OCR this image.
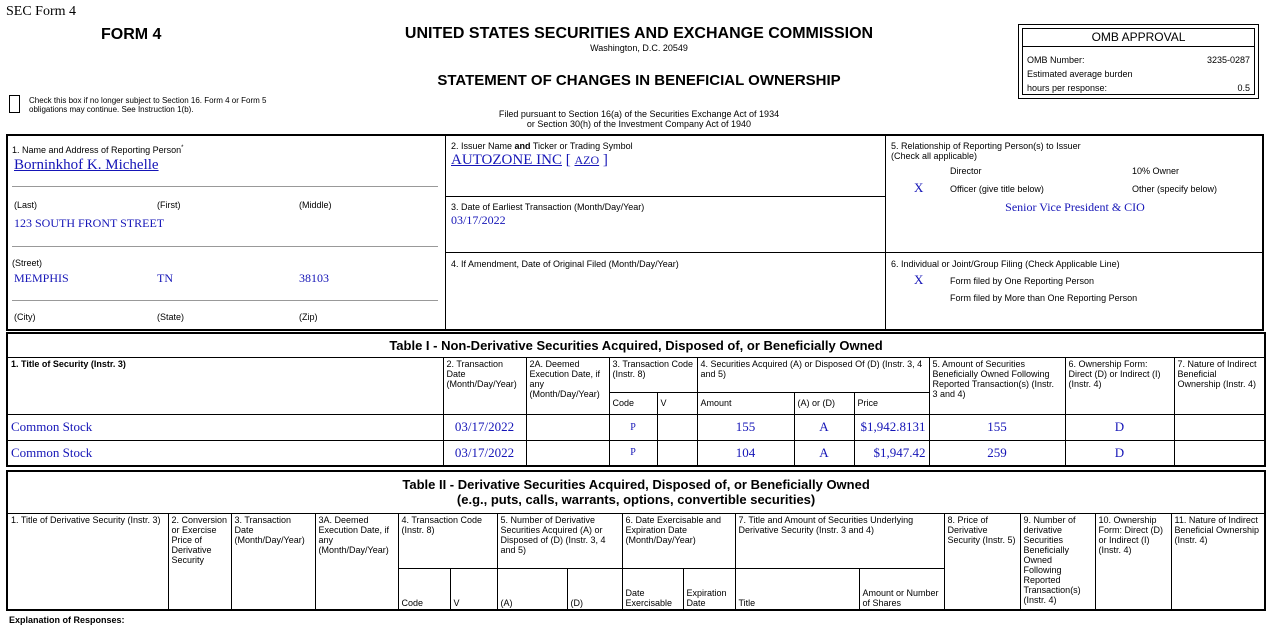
SEC Form 4
FORM 4	UNITED STATES SECURITIES AND EXCHANGE COMMISSION
Washington, D.C. 20549
STATEMENT OF CHANGES IN BENEFICIAL OWNERSHIP
Check this box if no longer subject to Section 16. Form 4 or Form 5 obligations may continue. See Instruction 1(b).	Filed pursuant to Section 16(a) of the Securities Exchange Act of 1934
or Section 30(h) of the Investment Company Act of 1940
OMB APPROVAL
OMB Number:	3235-0287
Estimated average burden
hours per response:	0.5
1. Name and Address of Reporting Person*
Borninkhof K. Michelle
(Last)	(First)	(Middle)
123 SOUTH FRONT STREET
(Street)
MEMPHIS	TN	38103
(City)	(State)	(Zip)
2. Issuer Name and Ticker or Trading Symbol
AUTOZONE INC [ AZO ]
3. Date of Earliest Transaction (Month/Day/Year)
03/17/2022
4. If Amendment, Date of Original Filed (Month/Day/Year)
5. Relationship of Reporting Person(s) to Issuer
(Check all applicable)
Director	10% Owner
X	Officer (give title below)	Other (specify below)
Senior Vice President & CIO
6. Individual or Joint/Group Filing (Check Applicable Line)
X	Form filed by One Reporting Person
Form filed by More than One Reporting Person
Table I - Non-Derivative Securities Acquired, Disposed of, or Beneficially Owned										
1. Title of Security (Instr. 3)	2. Transaction Date (Month/Day/Year)	2A. Deemed Execution Date, if any (Month/Day/Year)	3. Transaction Code (Instr. 8)		4. Securities Acquired (A) or Disposed Of (D) (Instr. 3, 4 and 5)			5. Amount of Securities Beneficially Owned Following Reported Transaction(s) (Instr. 3 and 4)	6. Ownership Form: Direct (D) or Indirect (I) (Instr. 4)	7. Nature of Indirect Beneficial Ownership (Instr. 4)
			Code	V	Amount	(A) or (D)	Price			
Common Stock	03/17/2022		P		155	A	$1,942.8131	155	D	
Common Stock	03/17/2022		P		104	A	$1,947.42	259	D	
Table II - Derivative Securities Acquired, Disposed of, or Beneficially Owned
(e.g., puts, calls, warrants, options, convertible securities)															

1. Title of Derivative Security (Instr. 3)	2. Conversion or Exercise Price of Derivative Security	3. Transaction Date (Month/Day/Year)	3A. Deemed Execution Date, if any (Month/Day/Year)	4. Transaction Code (Instr. 8)		5. Number of Derivative Securities Acquired (A) or Disposed of (D) (Instr. 3, 4 and 5)		6. Date Exercisable and Expiration Date (Month/Day/Year)		7. Title and Amount of Securities Underlying Derivative Security (Instr. 3 and 4)		8. Price of Derivative Security (Instr. 5)	9. Number of derivative Securities Beneficially Owned Following Reported Transaction(s) (Instr. 4)	10. Ownership Form: Direct (D) or Indirect (I) (Instr. 4)	11. Nature of Indirect Beneficial Ownership (Instr. 4)
				Code	V	(A)	(D)	Date Exercisable	Expiration Date	Title	Amount or Number of Shares				
Explanation of Responses:
